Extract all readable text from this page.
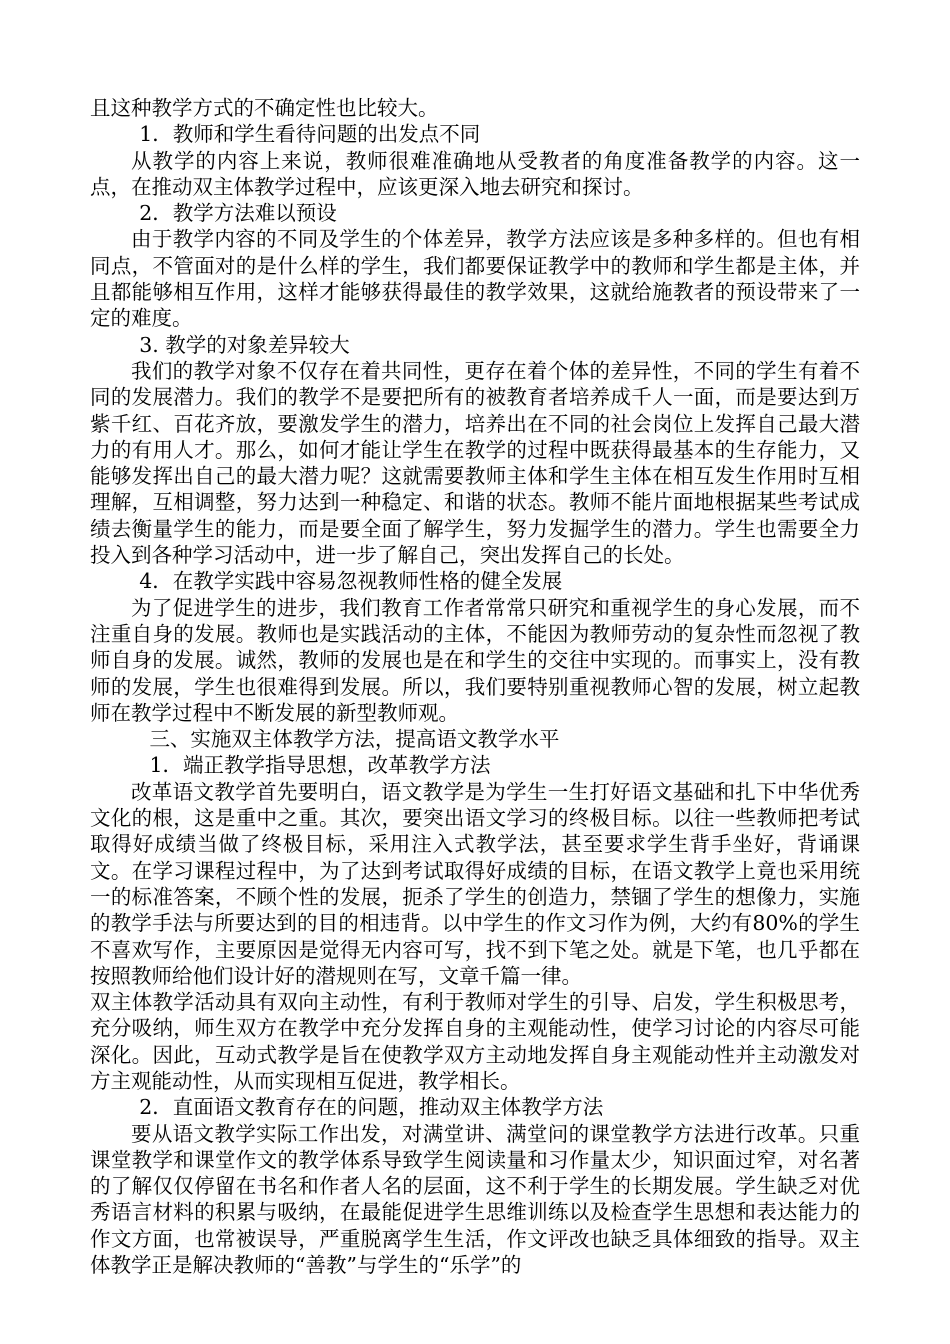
且这种教学方式的不确定性也比较大。

1．教师和学生看待问题的出发点不同

从教学的内容上来说，教师很难准确地从受教者的角度准备教学的内容。这一点，在推动双主体教学过程中，应该更深入地去研究和探讨。

2．教学方法难以预设

由于教学内容的不同及学生的个体差异，教学方法应该是多种多样的。但也有相同点，不管面对的是什么样的学生，我们都要保证教学中的教师和学生都是主体，并且都能够相互作用，这样才能够获得最佳的教学效果，这就给施教者的预设带来了一定的难度。

3. 教学的对象差异较大

我们的教学对象不仅存在着共同性，更存在着个体的差异性，不同的学生有着不同的发展潜力。我们的教学不是要把所有的被教育者培养成千人一面，而是要达到万紫千红、百花齐放，要激发学生的潜力，培养出在不同的社会岗位上发挥自己最大潜力的有用人才。那么，如何才能让学生在教学的过程中既获得最基本的生存能力，又能够发挥出自己的最大潜力呢？这就需要教师主体和学生主体在相互发生作用时互相理解，互相调整，努力达到一种稳定、和谐的状态。教师不能片面地根据某些考试成绩去衡量学生的能力，而是要全面了解学生，努力发掘学生的潜力。学生也需要全力投入到各种学习活动中，进一步了解自己，突出发挥自己的长处。

4．在教学实践中容易忽视教师性格的健全发展

为了促进学生的进步，我们教育工作者常常只研究和重视学生的身心发展，而不注重自身的发展。教师也是实践活动的主体，不能因为教师劳动的复杂性而忽视了教师自身的发展。诚然，教师的发展也是在和学生的交往中实现的。而事实上，没有教师的发展，学生也很难得到发展。所以，我们要特别重视教师心智的发展，树立起教师在教学过程中不断发展的新型教师观。

三、实施双主体教学方法，提高语文教学水平

1．端正教学指导思想，改革教学方法

改革语文教学首先要明白，语文教学是为学生一生打好语文基础和扎下中华优秀文化的根，这是重中之重。其次，要突出语文学习的终极目标。以往一些教师把考试取得好成绩当做了终极目标，采用注入式教学法，甚至要求学生背手坐好，背诵课文。在学习课程过程中，为了达到考试取得好成绩的目标，在语文教学上竟也采用统一的标准答案，不顾个性的发展，扼杀了学生的创造力，禁锢了学生的想像力，实施的教学手法与所要达到的目的相违背。以中学生的作文习作为例，大约有80%的学生不喜欢写作，主要原因是觉得无内容可写，找不到下笔之处。就是下笔，也几乎都在按照教师给他们设计好的潜规则在写，文章千篇一律。

双主体教学活动具有双向主动性，有利于教师对学生的引导、启发，学生积极思考，充分吸纳，师生双方在教学中充分发挥自身的主观能动性，使学习讨论的内容尽可能深化。因此，互动式教学是旨在使教学双方主动地发挥自身主观能动性并主动激发对方主观能动性，从而实现相互促进，教学相长。

2．直面语文教育存在的问题，推动双主体教学方法

要从语文教学实际工作出发，对满堂讲、满堂问的课堂教学方法进行改革。只重课堂教学和课堂作文的教学体系导致学生阅读量和习作量太少，知识面过窄，对名著的了解仅仅停留在书名和作者人名的层面，这不利于学生的长期发展。学生缺乏对优秀语言材料的积累与吸纳，在最能促进学生思维训练以及检查学生思想和表达能力的作文方面，也常被误导，严重脱离学生生活，作文评改也缺乏具体细致的指导。双主体教学正是解决教师的“善教”与学生的“乐学”的
